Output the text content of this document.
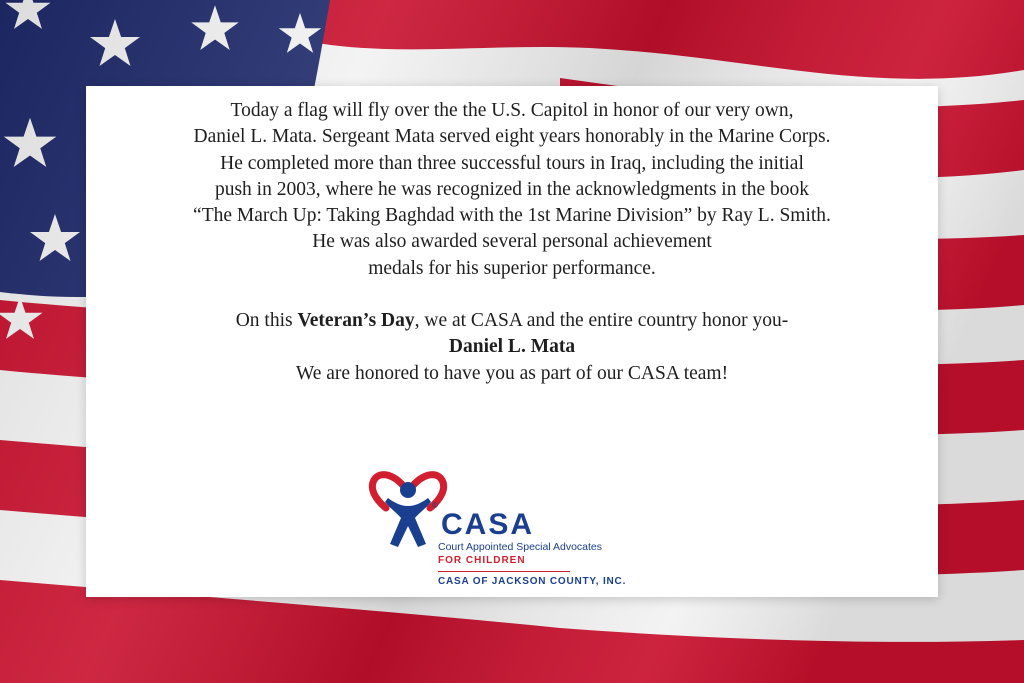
Today a flag will fly over the the U.S. Capitol in honor of our very own,
Daniel L. Mata. Sergeant Mata served eight years honorably in the Marine Corps.
He completed more than three successful tours in Iraq, including the initial
push in 2003, where he was recognized in the acknowledgments in the book
“The March Up: Taking Baghdad with the 1st Marine Division” by Ray L. Smith.
He was also awarded several personal achievement
medals for his superior performance.
On this Veteran’s Day, we at CASA and the entire country honor you-
Daniel L. Mata
We are honored to have you as part of our CASA team!
®
CASA
Court Appointed Special Advocates
FOR CHILDREN
CASA OF JACKSON COUNTY, INC.
